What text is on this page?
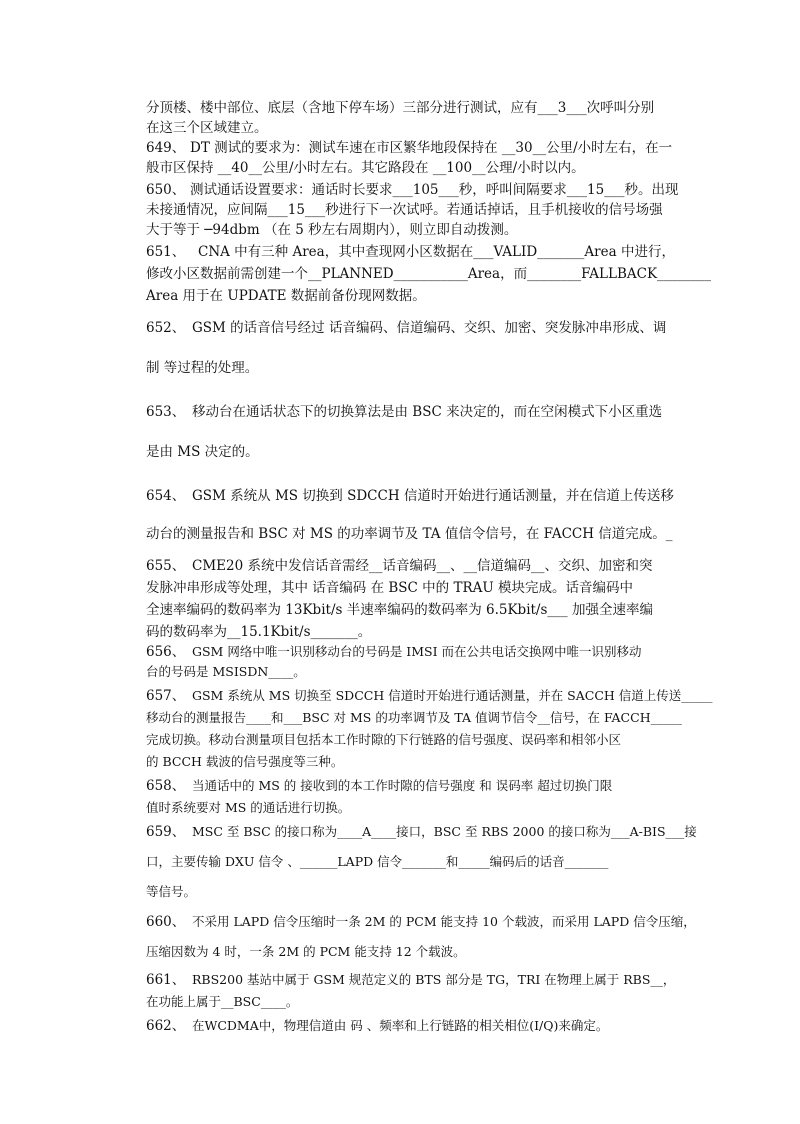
分顶楼、楼中部位、底层（含地下停车场）三部分进行测试，应有___3___次呼叫分别
在这三个区域建立。
649、 DT 测试的要求为：测试车速在市区繁华地段保持在 __30__公里/小时左右，在一
般市区保持 __40__公里/小时左右。其它路段在 __100__公理/小时以内。
650、 测试通话设置要求：通话时长要求___105___秒，呼叫间隔要求___15___秒。出现
未接通情况，应间隔___15___秒进行下一次试呼。若通话掉话，且手机接收的信号场强
大于等于 ─94dbm （在 5 秒左右周期内），则立即自动拨测。
651、 CNA 中有三种 Area，其中查现网小区数据在___VALID_______Area 中进行，
修改小区数据前需创建一个__PLANNED___________Area，而________FALLBACK________
Area 用于在 UPDATE 数据前备份现网数据。
652、 GSM 的话音信号经过 话音编码、信道编码、交织、加密、突发脉冲串形成、调
制 等过程的处理。
653、 移动台在通话状态下的切换算法是由 BSC 来决定的，而在空闲模式下小区重选
是由 MS 决定的。
654、 GSM 系统从 MS 切换到 SDCCH 信道时开始进行通话测量，并在信道上传送移
动台的测量报告和 BSC 对 MS 的功率调节及 TA 值信令信号，在 FACCH 信道完成。_
655、 CME20 系统中发信话音需经__话音编码__、__信道编码__、交织、加密和突
发脉冲串形成等处理，其中 话音编码 在 BSC 中的 TRAU 模块完成。话音编码中
全速率编码的数码率为 13Kbit/s 半速率编码的数码率为 6.5Kbit/s___ 加强全速率编
码的数码率为__15.1Kbit/s_______。
656、 GSM 网络中唯一识别移动台的号码是 IMSI 而在公共电话交换网中唯一识别移动
台的号码是 MSISDN____。
657、 GSM 系统从 MS 切换至 SDCCH 信道时开始进行通话测量，并在 SACCH 信道上传送_____
移动台的测量报告____和___BSC 对 MS 的功率调节及 TA 值调节信令__信号，在 FACCH_____
完成切换。移动台测量项目包括本工作时隙的下行链路的信号强度、误码率和相邻小区
的 BCCH 载波的信号强度等三种。
658、 当通话中的 MS 的 接收到的本工作时隙的信号强度 和 误码率 超过切换门限
值时系统要对 MS 的通话进行切换。
659、 MSC 至 BSC 的接口称为____A____接口，BSC 至 RBS 2000 的接口称为___A-BIS___接
口，主要传输 DXU 信令 、______LAPD 信令_______和_____编码后的话音_______
等信号。
660、 不采用 LAPD 信令压缩时一条 2M 的 PCM 能支持 10 个载波，而采用 LAPD 信令压缩，
压缩因数为 4 时，一条 2M 的 PCM 能支持 12 个载波。
661、 RBS200 基站中属于 GSM 规范定义的 BTS 部分是 TG，TRI 在物理上属于 RBS__，
在功能上属于__BSC____。
662、 在WCDMA中，物理信道由 码 、频率和上行链路的相关相位(I/Q)来确定。
